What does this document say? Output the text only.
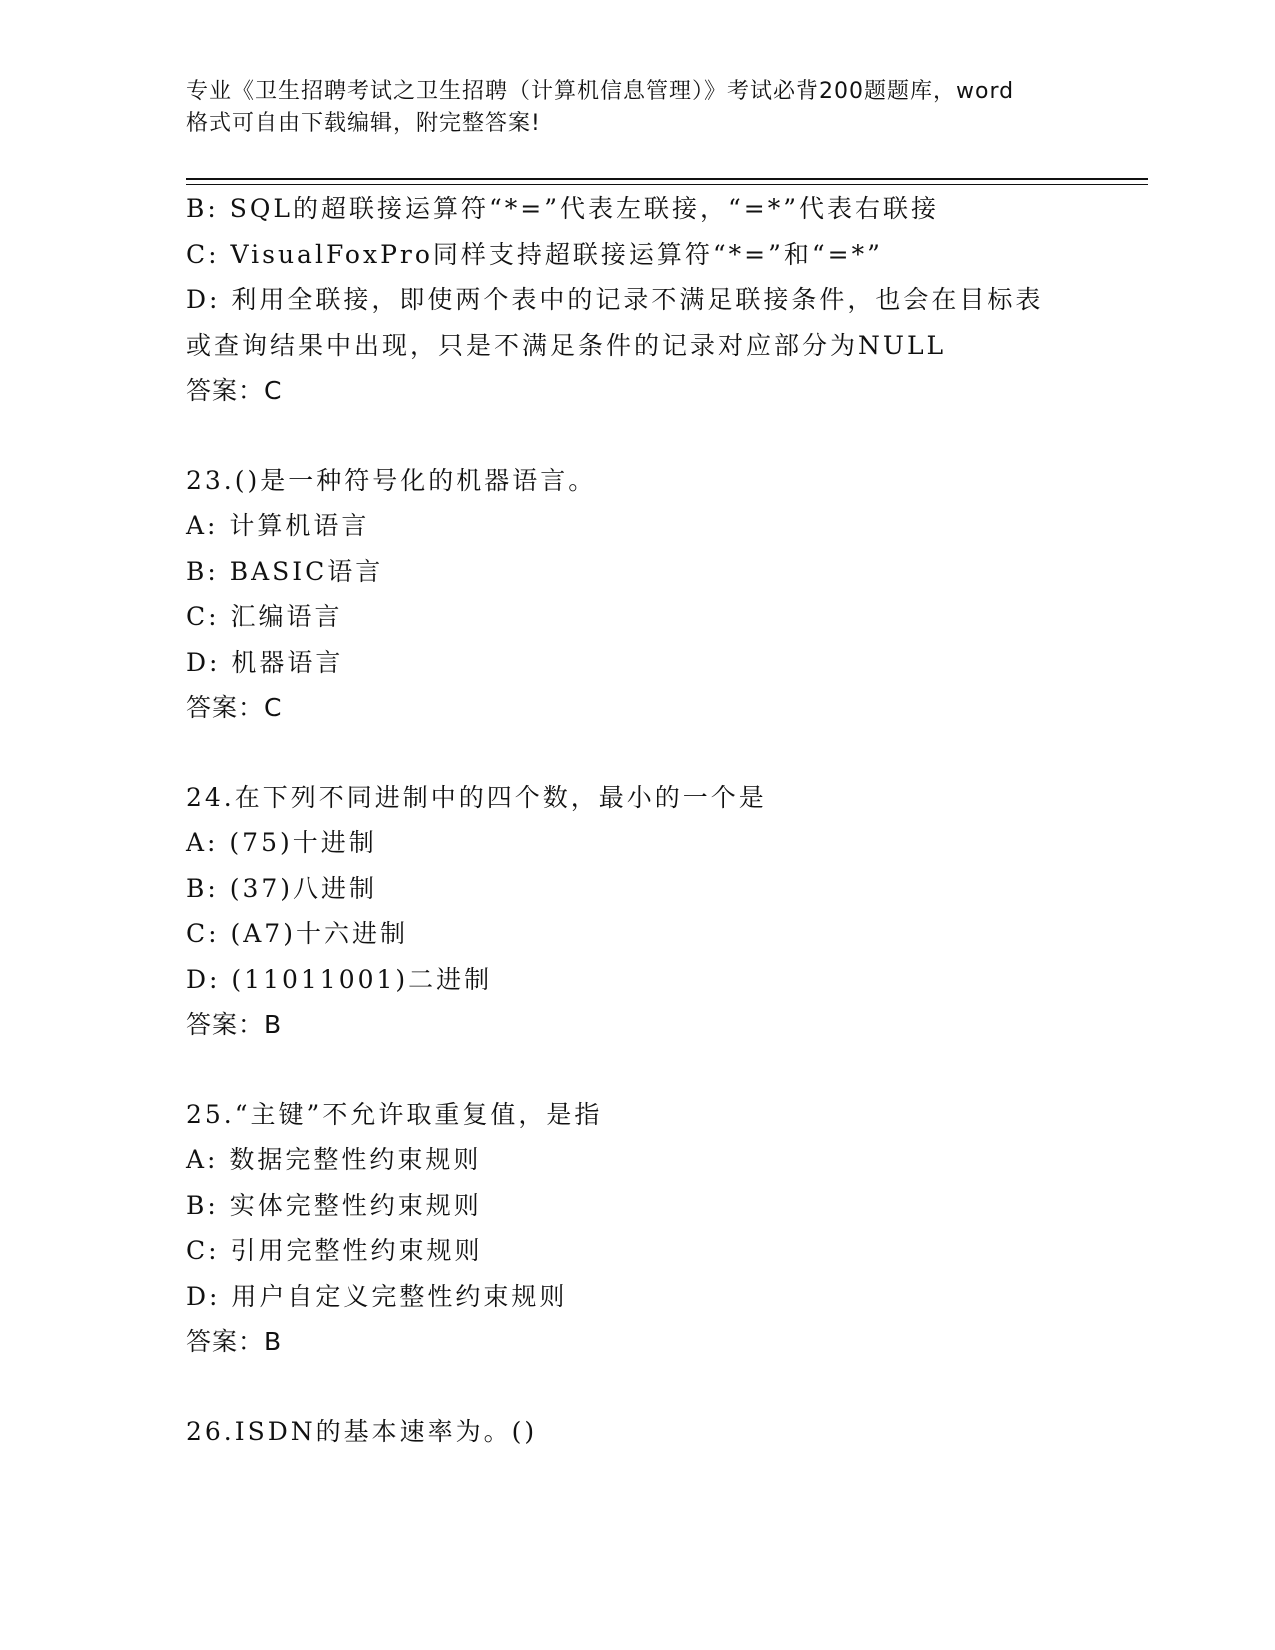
专业《卫生招聘考试之卫生招聘（计算机信息管理）》考试必背200题题库，word
格式可自由下载编辑，附完整答案!
B: SQL的超联接运算符“*=”代表左联接，“=*”代表右联接
C: VisualFoxPro同样支持超联接运算符“*=”和“=*”
D: 利用全联接，即使两个表中的记录不满足联接条件，也会在目标表
或查询结果中出现，只是不满足条件的记录对应部分为NULL
答案：C
23.()是一种符号化的机器语言。
A: 计算机语言
B: BASIC语言
C: 汇编语言
D: 机器语言
答案：C
24.在下列不同进制中的四个数，最小的一个是
A: (75)十进制
B: (37)八进制
C: (A7)十六进制
D: (11011001)二进制
答案：B
25.“主键”不允许取重复值，是指
A: 数据完整性约束规则
B: 实体完整性约束规则
C: 引用完整性约束规则
D: 用户自定义完整性约束规则
答案：B
26.ISDN的基本速率为。()
